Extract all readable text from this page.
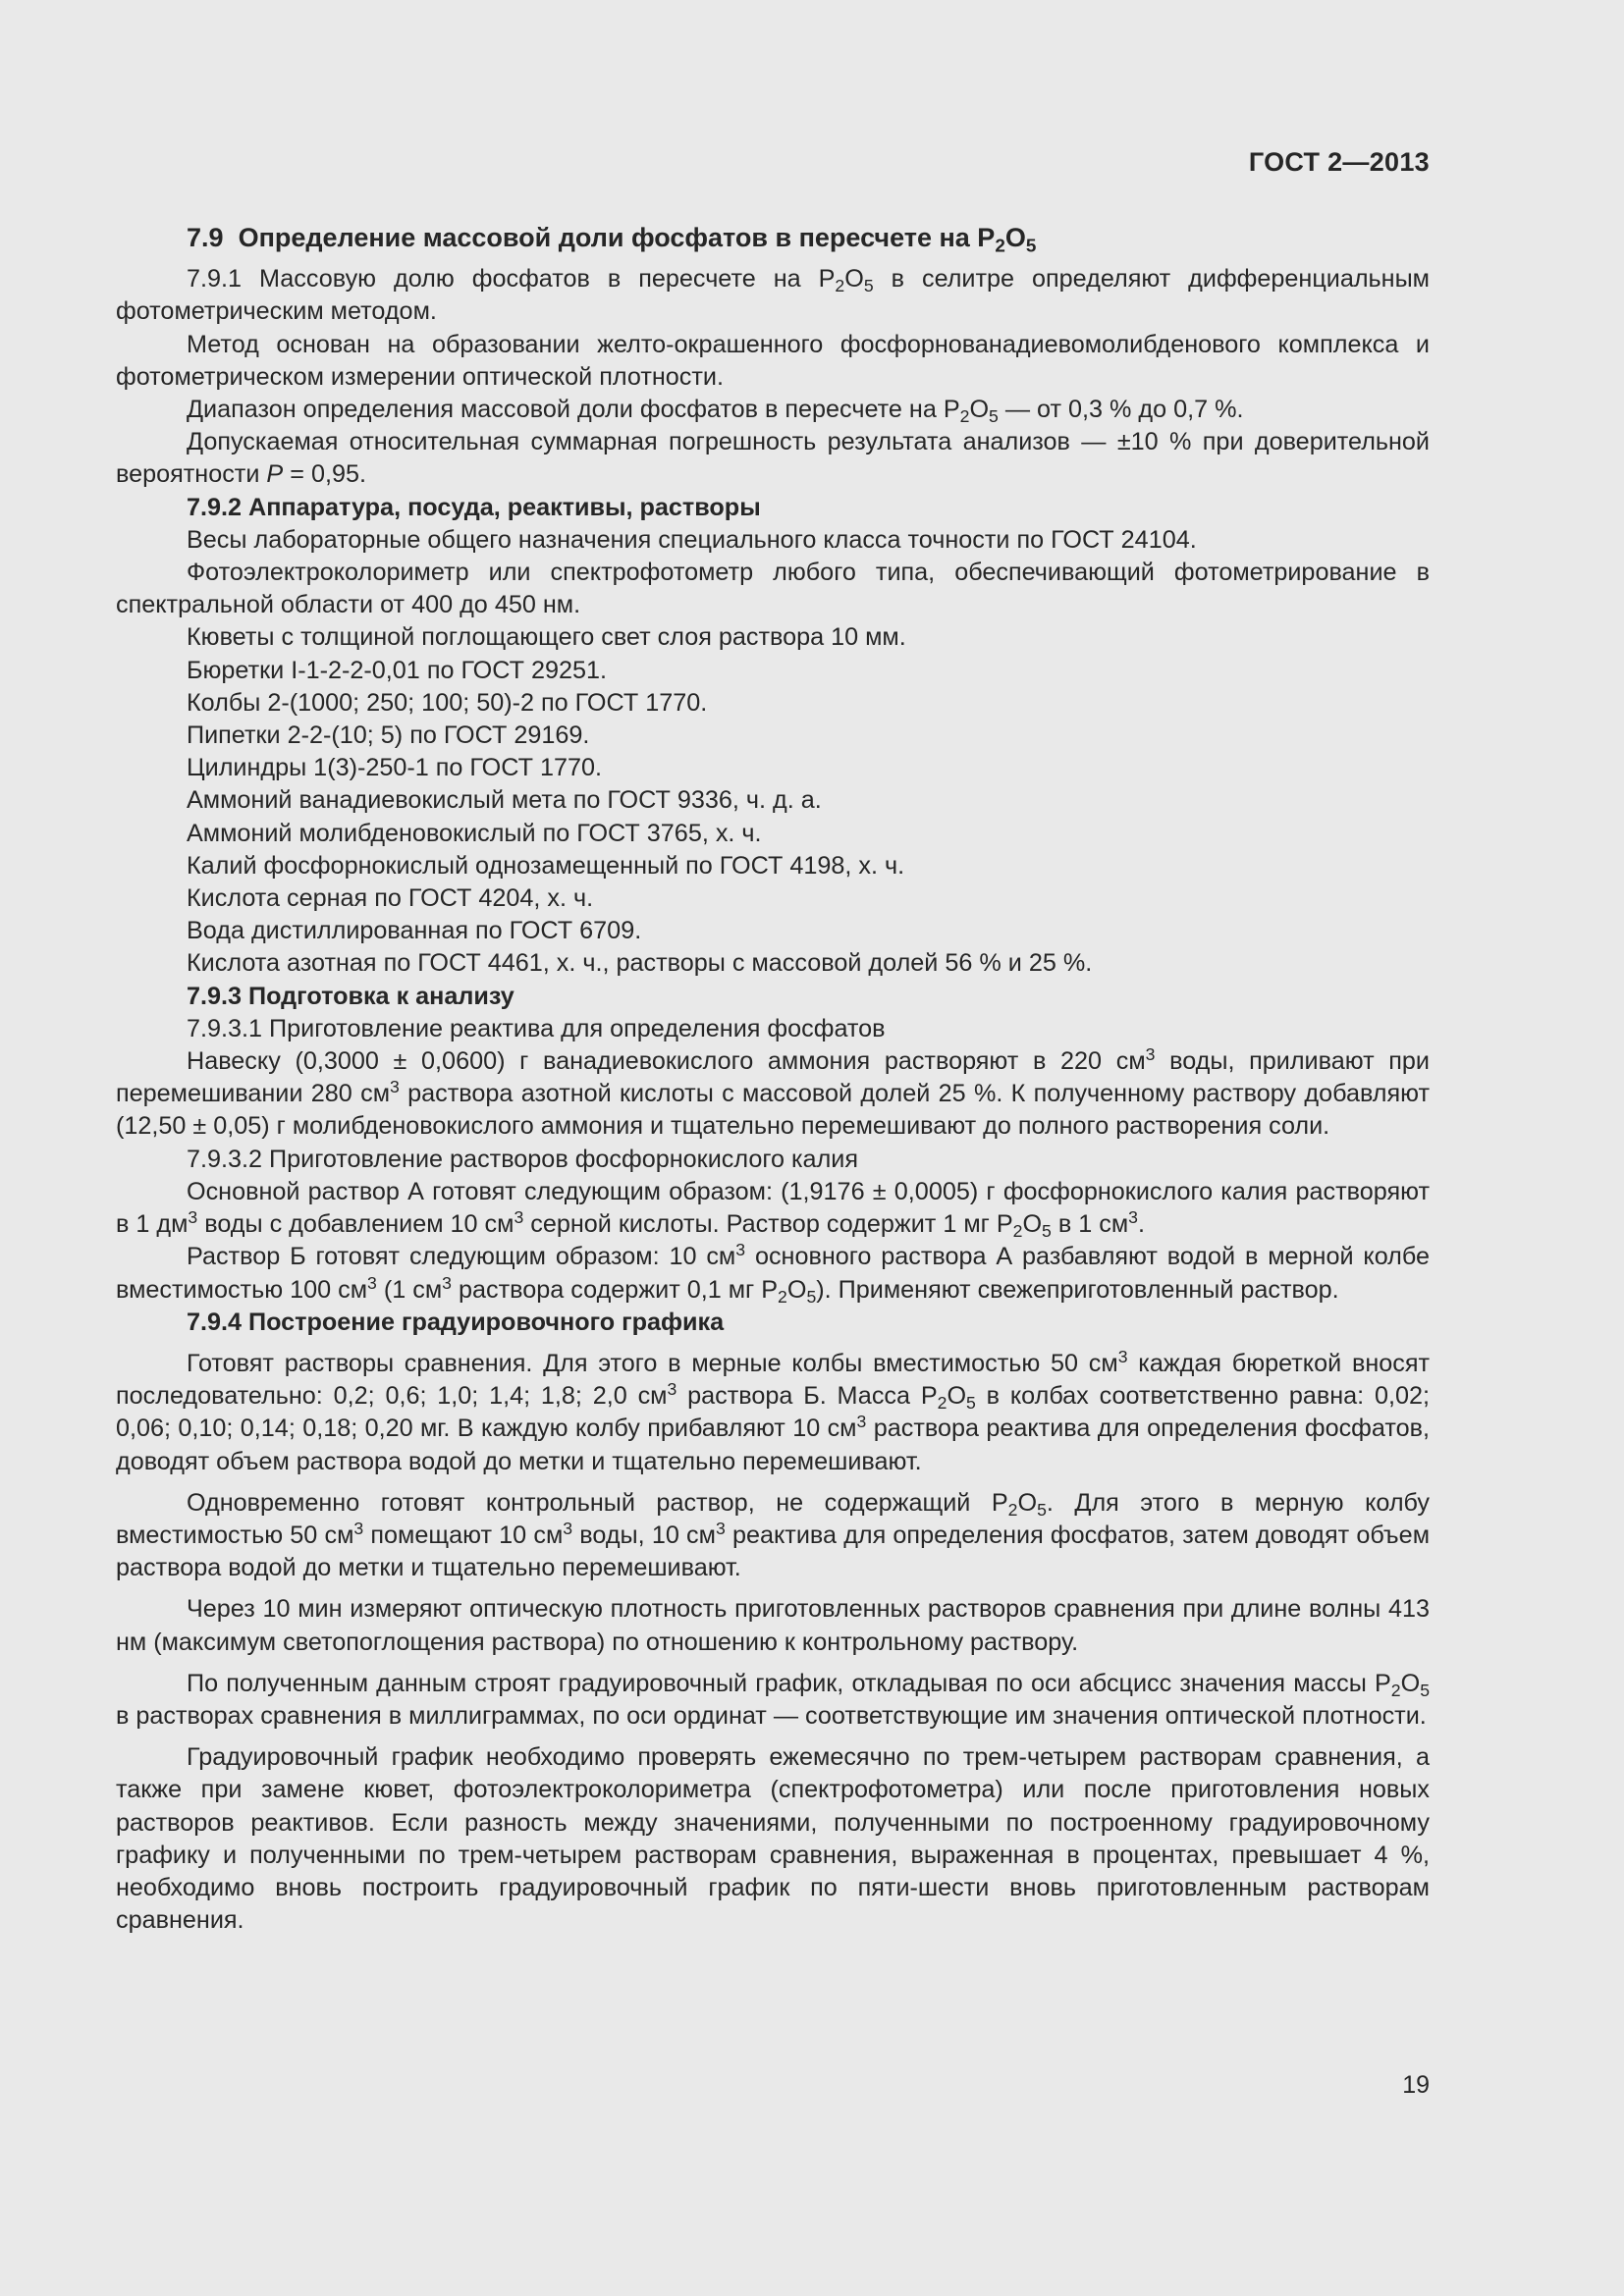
ГОСТ 2—2013

7.9 Определение массовой доли фосфатов в пересчете на $P_2O_5$

7.9.1 Массовую долю фосфатов в пересчете на $P_2O_5$ в селитре определяют дифференциальным фотометрическим методом.

Метод основан на образовании желто-окрашенного фосфорнованадиевомолибденового комплекса и фотометрическом измерении оптической плотности.

Диапазон определения массовой доли фосфатов в пересчете на $P_2O_5$ — от 0,3 % до 0,7 %.

Допускаемая относительная суммарная погрешность результата анализов — ±10 % при доверительной вероятности P = 0,95.

7.9.2 Аппаратура, посуда, реактивы, растворы

Весы лабораторные общего назначения специального класса точности по ГОСТ 24104.

Фотоэлектроколориметр или спектрофотометр любого типа, обеспечивающий фотометрирование в спектральной области от 400 до 450 нм.

Кюветы с толщиной поглощающего свет слоя раствора 10 мм.

Бюретки I-1-2-2-0,01 по ГОСТ 29251.

Колбы 2-(1000; 250; 100; 50)-2 по ГОСТ 1770.

Пипетки 2-2-(10; 5) по ГОСТ 29169.

Цилиндры 1(3)-250-1 по ГОСТ 1770.

Аммоний ванадиевокислый мета по ГОСТ 9336, ч. д. а.

Аммоний молибденовокислый по ГОСТ 3765, х. ч.

Калий фосфорнокислый однозамещенный по ГОСТ 4198, х. ч.

Кислота серная по ГОСТ 4204, х. ч.

Вода дистиллированная по ГОСТ 6709.

Кислота азотная по ГОСТ 4461, х. ч., растворы с массовой долей 56 % и 25 %.

7.9.3 Подготовка к анализу

7.9.3.1 Приготовление реактива для определения фосфатов

Навеску (0,3000 ± 0,0600) г ванадиевокислого аммония растворяют в 220 $см^3$ воды, приливают при перемешивании 280 $см^3$ раствора азотной кислоты с массовой долей 25 %. К полученному раствору добавляют (12,50 ± 0,05) г молибденовокислого аммония и тщательно перемешивают до полного растворения соли.

7.9.3.2 Приготовление растворов фосфорнокислого калия

Основной раствор А готовят следующим образом: (1,9176 ± 0,0005) г фосфорнокислого калия растворяют в 1 $дм^3$ воды с добавлением 10 $см^3$ серной кислоты. Раствор содержит 1 мг $P_2O_5$ в 1 $см^3$.

Раствор Б готовят следующим образом: 10 $см^3$ основного раствора А разбавляют водой в мерной колбе вместимостью 100 $см^3$ (1 $см^3$ раствора содержит 0,1 мг $P_2O_5$). Применяют свежеприготовленный раствор.

7.9.4 Построение градуировочного графика

Готовят растворы сравнения. Для этого в мерные колбы вместимостью 50 $см^3$ каждая бюреткой вносят последовательно: 0,2; 0,6; 1,0; 1,4; 1,8; 2,0 $см^3$ раствора Б. Масса $P_2O_5$ в колбах соответственно равна: 0,02; 0,06; 0,10; 0,14; 0,18; 0,20 мг. В каждую колбу прибавляют 10 $см^3$ раствора реактива для определения фосфатов, доводят объем раствора водой до метки и тщательно перемешивают.

Одновременно готовят контрольный раствор, не содержащий $P_2O_5$. Для этого в мерную колбу вместимостью 50 $см^3$ помещают 10 $см^3$ воды, 10 $см^3$ реактива для определения фосфатов, затем доводят объем раствора водой до метки и тщательно перемешивают.

Через 10 мин измеряют оптическую плотность приготовленных растворов сравнения при длине волны 413 нм (максимум светопоглощения раствора) по отношению к контрольному раствору.

По полученным данным строят градуировочный график, откладывая по оси абсцисс значения массы $P_2O_5$ в растворах сравнения в миллиграммах, по оси ординат — соответствующие им значения оптической плотности.

Градуировочный график необходимо проверять ежемесячно по трем-четырем растворам сравнения, а также при замене кювет, фотоэлектроколориметра (спектрофотометра) или после приготовления новых растворов реактивов. Если разность между значениями, полученными по построенному градуировочному графику и полученными по трем-четырем растворам сравнения, выраженная в процентах, превышает 4 %, необходимо вновь построить градуировочный график по пяти-шести вновь приготовленным растворам сравнения.

19
